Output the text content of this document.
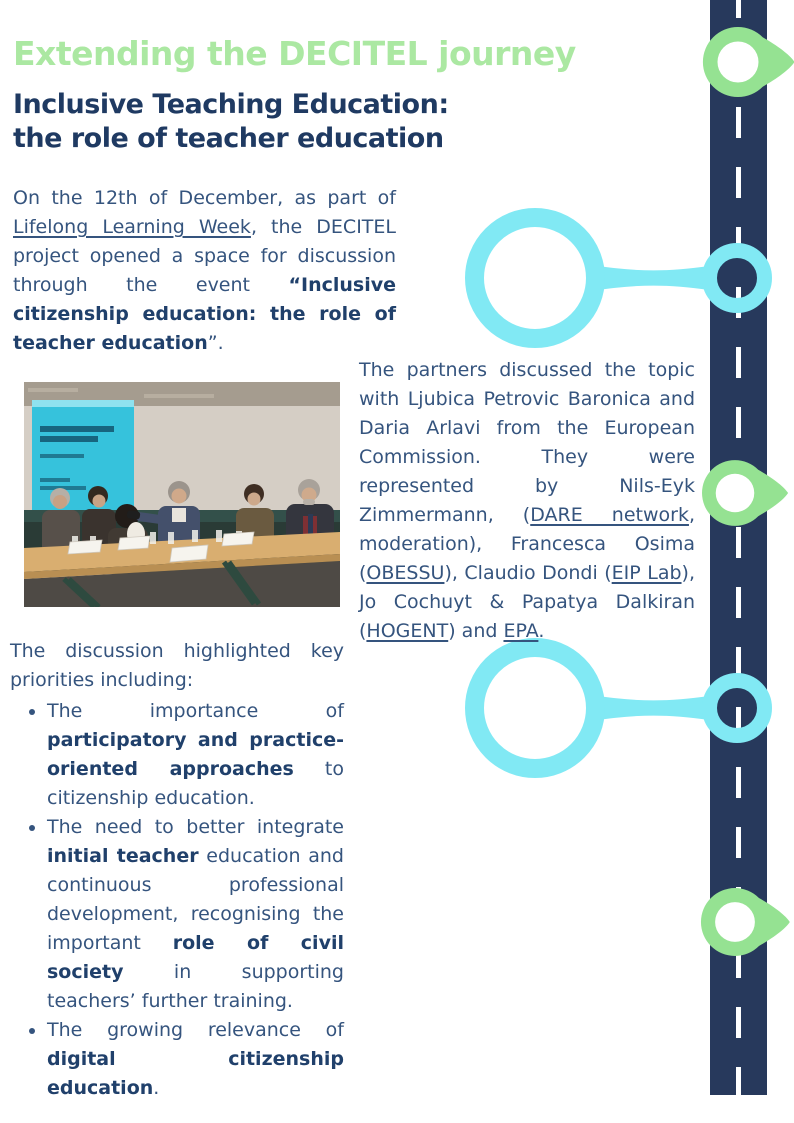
Extending the DECITEL journey
Inclusive Teaching Education:
the role of teacher education

On the 12th of December, as part of Lifelong Learning Week, the DECITEL project opened a space for discussion through the event “Inclusive citizenship education: the role of teacher education”.

The partners discussed the topic with Ljubica Petrovic Baronica and Daria Arlavi from the European Commission. They were represented by Nils-Eyk Zimmermann, (DARE network, moderation), Francesca Osima (OBESSU), Claudio Dondi (EIP Lab), Jo Cochuyt & Papatya Dalkiran (HOGENT) and EPA.

The discussion highlighted key priorities including:

• The importance of participatory and practice-oriented approaches to citizenship education.
• The need to better integrate initial teacher education and continuous professional development, recognising the important role of civil society in supporting teachers’ further training.
• The growing relevance of digital citizenship education.
